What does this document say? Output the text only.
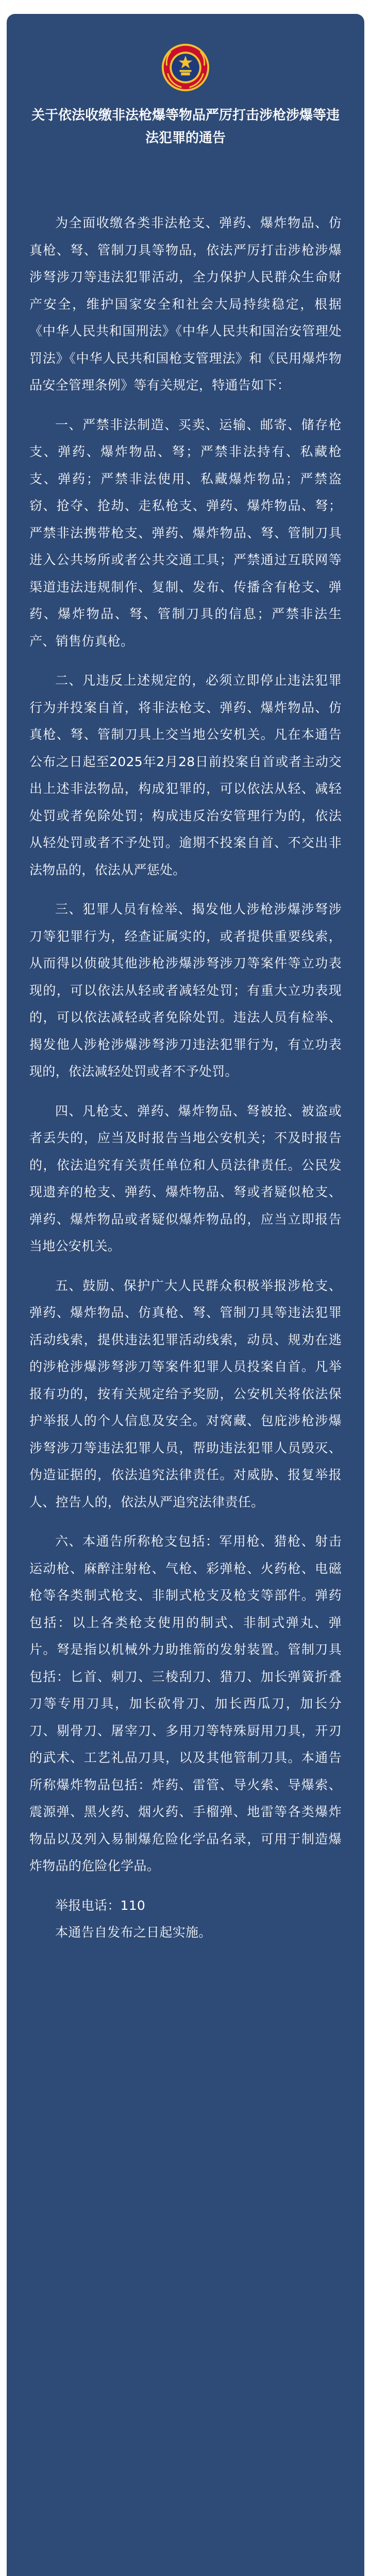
关于依法收缴非法枪爆等物品严厉打击涉枪涉爆等违法犯罪的通告

为全面收缴各类非法枪支、弹药、爆炸物品、仿真枪、弩、管制刀具等物品，依法严厉打击涉枪涉爆涉弩涉刀等违法犯罪活动，全力保护人民群众生命财产安全，维护国家安全和社会大局持续稳定，根据《中华人民共和国刑法》《中华人民共和国治安管理处罚法》《中华人民共和国枪支管理法》和《民用爆炸物品安全管理条例》等有关规定，特通告如下：

一、严禁非法制造、买卖、运输、邮寄、储存枪支、弹药、爆炸物品、弩；严禁非法持有、私藏枪支、弹药；严禁非法使用、私藏爆炸物品；严禁盗窃、抢夺、抢劫、走私枪支、弹药、爆炸物品、弩；严禁非法携带枪支、弹药、爆炸物品、弩、管制刀具进入公共场所或者公共交通工具；严禁通过互联网等渠道违法违规制作、复制、发布、传播含有枪支、弹药、爆炸物品、弩、管制刀具的信息；严禁非法生产、销售仿真枪。

二、凡违反上述规定的，必须立即停止违法犯罪行为并投案自首，将非法枪支、弹药、爆炸物品、仿真枪、弩、管制刀具上交当地公安机关。凡在本通告公布之日起至2025年2月28日前投案自首或者主动交出上述非法物品，构成犯罪的，可以依法从轻、减轻处罚或者免除处罚；构成违反治安管理行为的，依法从轻处罚或者不予处罚。逾期不投案自首、不交出非法物品的，依法从严惩处。

三、犯罪人员有检举、揭发他人涉枪涉爆涉弩涉刀等犯罪行为，经查证属实的，或者提供重要线索，从而得以侦破其他涉枪涉爆涉弩涉刀等案件等立功表现的，可以依法从轻或者减轻处罚；有重大立功表现的，可以依法减轻或者免除处罚。违法人员有检举、揭发他人涉枪涉爆涉弩涉刀违法犯罪行为，有立功表现的，依法减轻处罚或者不予处罚。

四、凡枪支、弹药、爆炸物品、弩被抢、被盗或者丢失的，应当及时报告当地公安机关；不及时报告的，依法追究有关责任单位和人员法律责任。公民发现遗弃的枪支、弹药、爆炸物品、弩或者疑似枪支、弹药、爆炸物品或者疑似爆炸物品的，应当立即报告当地公安机关。

五、鼓励、保护广大人民群众积极举报涉枪支、弹药、爆炸物品、仿真枪、弩、管制刀具等违法犯罪活动线索，提供违法犯罪活动线索，动员、规劝在逃的涉枪涉爆涉弩涉刀等案件犯罪人员投案自首。凡举报有功的，按有关规定给予奖励，公安机关将依法保护举报人的个人信息及安全。对窝藏、包庇涉枪涉爆涉弩涉刀等违法犯罪人员，帮助违法犯罪人员毁灭、伪造证据的，依法追究法律责任。对威胁、报复举报人、控告人的，依法从严追究法律责任。

六、本通告所称枪支包括：军用枪、猎枪、射击运动枪、麻醉注射枪、气枪、彩弹枪、火药枪、电磁枪等各类制式枪支、非制式枪支及枪支等部件。弹药包括：以上各类枪支使用的制式、非制式弹丸、弹片。弩是指以机械外力助推箭的发射装置。管制刀具包括：匕首、刺刀、三棱刮刀、猎刀、加长弹簧折叠刀等专用刀具，加长砍骨刀、加长西瓜刀，加长分刀、剔骨刀、屠宰刀、多用刀等特殊厨用刀具，开刃的武术、工艺礼品刀具，以及其他管制刀具。本通告所称爆炸物品包括：炸药、雷管、导火索、导爆索、震源弹、黑火药、烟火药、手榴弹、地雷等各类爆炸物品以及列入易制爆危险化学品名录，可用于制造爆炸物品的危险化学品。

举报电话：110

本通告自发布之日起实施。
